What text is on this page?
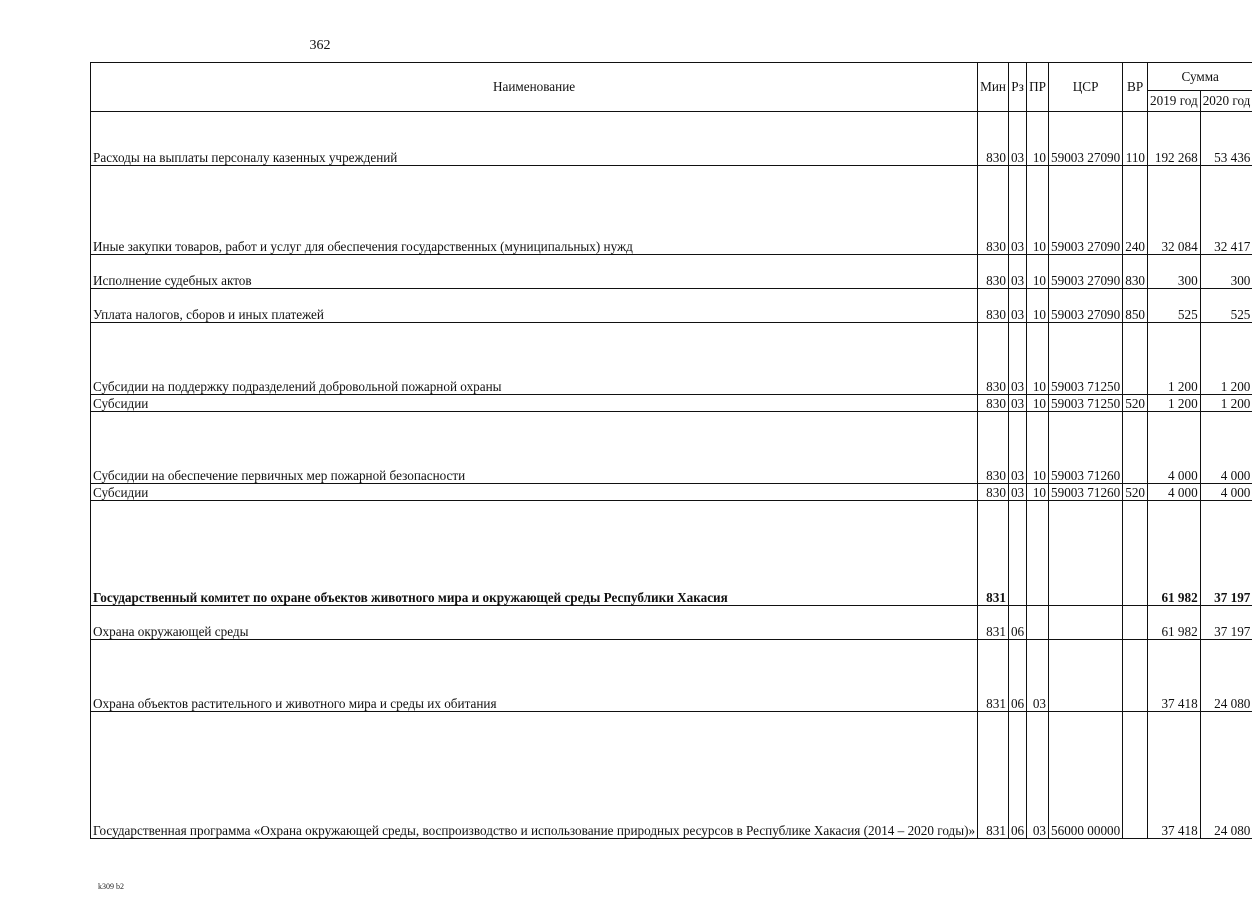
362
Наименование	Мин	Рз	ПР	ЦСР	ВР	Сумма	
						2019 год	2020 год
Расходы на выплаты персоналу казенных учреждений	830	03	10	59003 27090	110	192 268	53 436
Иные закупки товаров, работ и услуг для обеспечения государственных (муниципальных) нужд	830	03	10	59003 27090	240	32 084	32 417
Исполнение судебных актов	830	03	10	59003 27090	830	300	300
Уплата налогов, сборов и иных платежей	830	03	10	59003 27090	850	525	525
Субсидии на поддержку подразделений добровольной пожарной охраны	830	03	10	59003 71250		1 200	1 200
Субсидии	830	03	10	59003 71250	520	1 200	1 200
Субсидии на обеспечение первичных мер пожарной безопасности	830	03	10	59003 71260		4 000	4 000
Субсидии	830	03	10	59003 71260	520	4 000	4 000
Государственный комитет по охране объектов животного мира и окружающей среды Республики Хакасия	831					61 982	37 197
Охрана окружающей среды	831	06				61 982	37 197
Охрана объектов растительного и животного мира и среды их обитания	831	06	03			37 418	24 080
Государственная программа «Охрана окружающей среды, воспроизводство и использование природных ресурсов в Республике Хакасия (2014 – 2020 годы)»	831	06	03	56000 00000		37 418	24 080
k309 b2
